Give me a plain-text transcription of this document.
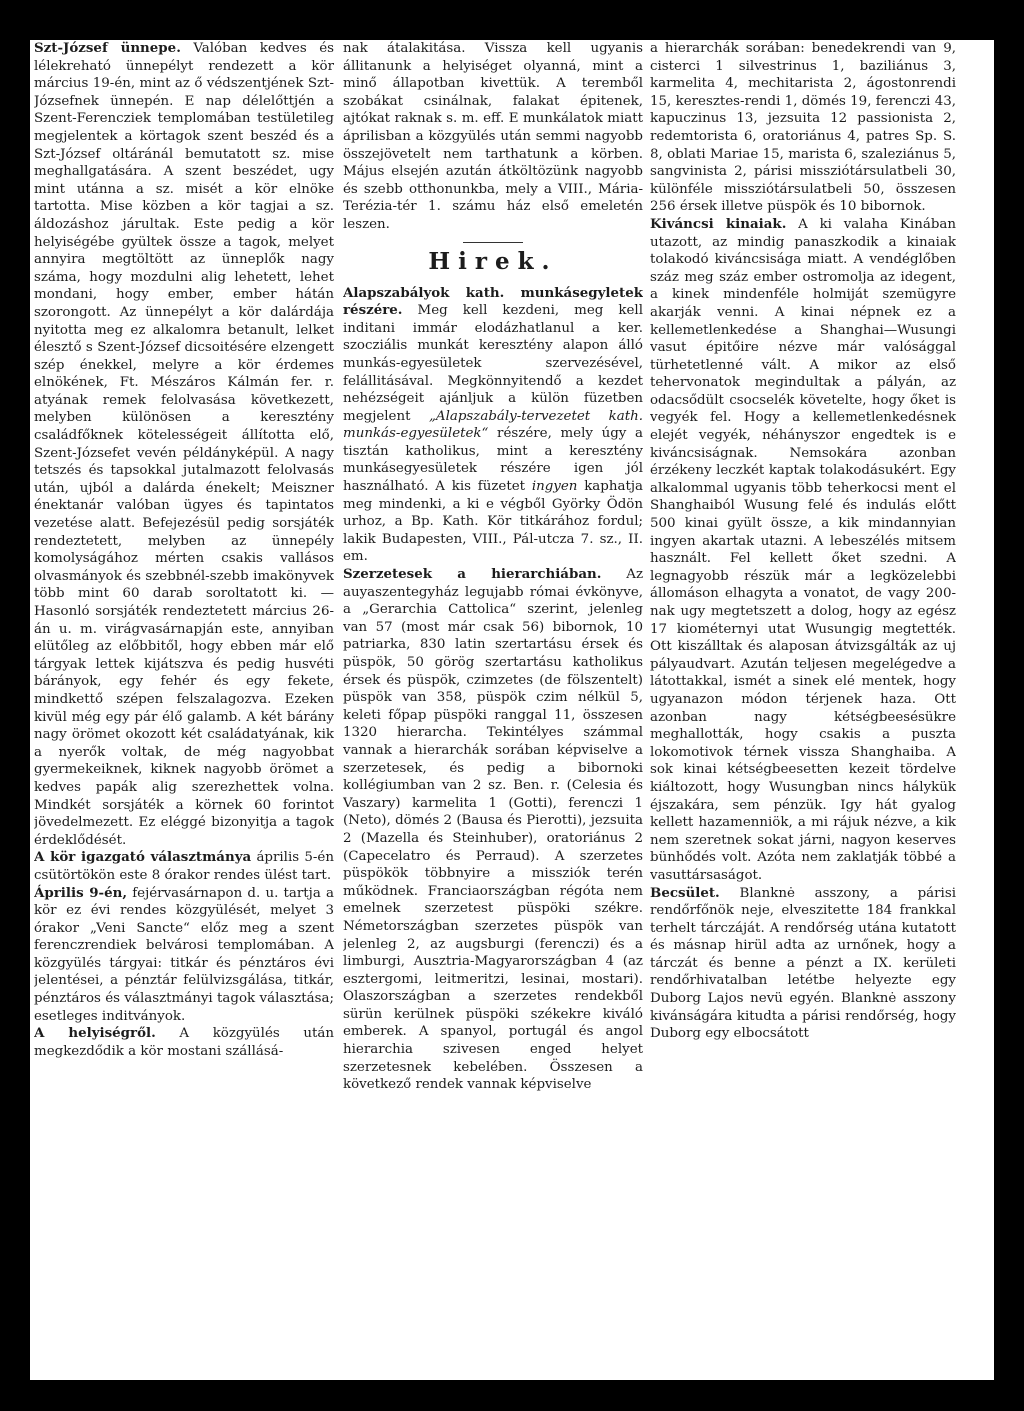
Szt-József ünnepe. Valóban kedves és lélekreható ünnepélyt rendezett a kör március 19-én, mint az ő védszentjének Szt-Józsefnek ünnepén. E nap délelőttjén a Szent-Ferencziek templomában testületileg megjelentek a körtagok szent beszéd és a Szt-József oltáránál bemutatott sz. mise meghallgatására. A szent beszédet, ugy mint utánna a sz. misét a kör elnöke tartotta. Mise közben a kör tagjai a sz. áldozáshoz járultak. Este pedig a kör helyiségébe gyültek össze a tagok, melyet annyira megtöltött az ünneplők nagy száma, hogy mozdulni alig lehetett, lehet mondani, hogy ember, ember hátán szorongott. Az ünnepélyt a kör dalárdája nyitotta meg ez alkalomra betanult, lelket élesztő s Szent-József dicsoitésére elzengett szép énekkel, melyre a kör érdemes elnökének, Ft. Mészáros Kálmán fer. r. atyának remek felolvasása következett, melyben különösen a keresztény családfőknek kötelességeit állította elő, Szent-Józsefet vevén példányképül. A nagy tetszés és tapsokkal jutalmazott felolvasás után, ujból a dalárda énekelt; Meiszner énektanár valóban ügyes és tapintatos vezetése alatt. Befejezésül pedig sorsjáték rendeztetett, melyben az ünnepély komolyságához mérten csakis vallásos olvasmányok és szebbnél-szebb imakönyvek több mint 60 darab soroltatott ki. — Hasonló sorsjáték rendeztetett március 26-án u. m. virágvasárnapján este, annyiban elütőleg az előbbitől, hogy ebben már elő tárgyak lettek kijátszva és pedig husvéti bárányok, egy fehér és egy fekete, mindkettő szépen felszalagozva. Ezeken kivül még egy pár élő galamb. A két bárány nagy örömet okozott két családatyának, kik a nyerők voltak, de még nagyobbat gyermekeiknek, kiknek nagyobb örömet a kedves papák alig szerezhettek volna. Mindkét sorsjáték a körnek 60 forintot jövedelmezett. Ez eléggé bizonyitja a tagok érdeklődését.

A kör igazgató választmánya április 5-én csütörtökön este 8 órakor rendes ülést tart.

Április 9-én, fejérvasárnapon d. u. tartja a kör ez évi rendes közgyülését, melyet 3 órakor „Veni Sancte“ előz meg a szent ferenczrendiek belvárosi templomában. A közgyülés tárgyai: titkár és pénztáros évi jelentései, a pénztár felülvizsgálása, titkár, pénztáros és választmányi tagok választása; esetleges inditványok.

A helyiségről. A közgyülés után megkezdődik a kör mostani szállásá-

nak átalakitása. Vissza kell ugyanis állitanunk a helyiséget olyanná, mint a minő állapotban kivettük. A teremből szobákat csinálnak, falakat épitenek, ajtókat raknak s. m. eff. E munkálatok miatt áprilisban a közgyülés után semmi nagyobb összejövetelt nem tarthatunk a körben. Május elsején azután átköltözünk nagyobb és szebb otthonunkba, mely a VIII., Mária-Terézia-tér 1. számu ház első emeletén leszen.

Hirek.

Alapszabályok kath. munkásegyletek részére. Meg kell kezdeni, meg kell inditani immár elodázhatlanul a ker. szocziális munkát keresztény alapon álló munkás-egyesületek szervezésével, felállitásával. Megkönnyitendő a kezdet nehézségeit ajánljuk a külön füzetben megjelent „Alapszabály-tervezetet kath. munkás-egyesületek“ részére, mely úgy a tisztán katholikus, mint a keresztény munkásegyesületek részére igen jól használható. A kis füzetet ingyen kaphatja meg mindenki, a ki e végből Györky Ödön urhoz, a Bp. Kath. Kör titkárához fordul; lakik Budapesten, VIII., Pál-utcza 7. sz., II. em.

Szerzetesek a hierarchiában. Az auyaszentegyház legujabb római évkönyve, a „Gerarchia Cattolica“ szerint, jelenleg van 57 (most már csak 56) bibornok, 10 patriarka, 830 latin szertartásu érsek és püspök, 50 görög szertartásu katholikus érsek és püspök, czimzetes (de fölszentelt) püspök van 358, püspök czim nélkül 5, keleti főpap püspöki ranggal 11, összesen 1320 hierarcha. Tekintélyes számmal vannak a hierarchák sorában képviselve a szerzetesek, és pedig a bibornoki kollégiumban van 2 sz. Ben. r. (Celesia és Vaszary) karmelita 1 (Gotti), ferenczi 1 (Neto), dömés 2 (Bausa és Pierotti), jezsuita 2 (Mazella és Steinhuber), oratoriánus 2 (Capecelatro és Perraud). A szerzetes püspökök többnyire a missziók terén működnek. Franciaországban régóta nem emelnek szerzetest püspöki székre. Németországban szerzetes püspök van jelenleg 2, az augsburgi (ferenczi) és a limburgi, Ausztria-Magyarországban 4 (az esztergomi, leitmeritzi, lesinai, mostari). Olaszországban a szerzetes rendekből sürün kerülnek püspöki székekre kiváló emberek. A spanyol, portugál és angol hierarchia szivesen enged helyet szerzetesnek kebelében. Összesen a következő rendek vannak képviselve

a hierarchák sorában: benedekrendi van 9, cisterci 1 silvestrinus 1, baziliánus 3, karmelita 4, mechitarista 2, ágostonrendi 15, keresztes-rendi 1, dömés 19, ferenczi 43, kapuczinus 13, jezsuita 12 passionista 2, redemtorista 6, oratoriánus 4, patres Sp. S. 8, oblati Mariae 15, marista 6, szaleziánus 5, sangvinista 2, párisi missziótársulatbeli 30, különféle missziótársulatbeli 50, összesen 256 érsek illetve püspök és 10 bibornok.

Kiváncsi kinaiak. A ki valaha Kinában utazott, az mindig panaszkodik a kinaiak tolakodó kiváncsisága miatt. A vendéglőben száz meg száz ember ostromolja az idegent, a kinek mindenféle holmiját szemügyre akarják venni. A kinai népnek ez a kellemetlenkedése a Shanghai—Wusungi vasut épitőire nézve már valósággal türhetetlenné vált. A mikor az első tehervonatok megindultak a pályán, az odacsődült csocselék követelte, hogy őket is vegyék fel. Hogy a kellemetlenkedésnek elejét vegyék, néhányszor engedtek is e kiváncsiságnak. Nemsokára azonban érzékeny leczkét kaptak tolakodásukért. Egy alkalommal ugyanis több teherkocsi ment el Shanghaiból Wusung felé és indulás előtt 500 kinai gyült össze, a kik mindannyian ingyen akartak utazni. A lebeszélés mitsem használt. Fel kellett őket szedni. A legnagyobb részük már a legközelebbi állomáson elhagyta a vonatot, de vagy 200-nak ugy megtetszett a dolog, hogy az egész 17 kiométernyi utat Wusungig megtették. Ott kiszálltak és alaposan átvizsgálták az uj pályaudvart. Azután teljesen megelégedve a látottakkal, ismét a sinek elé mentek, hogy ugyanazon módon térjenek haza. Ott azonban nagy kétségbeesésükre meghallották, hogy csakis a puszta lokomotivok térnek vissza Shanghaiba. A sok kinai kétségbeesetten kezeit tördelve kiáltozott, hogy Wusungban nincs hálykük éjszakára, sem pénzük. Igy hát gyalog kellett hazamenniök, a mi rájuk nézve, a kik nem szeretnek sokat járni, nagyon keserves bünhődés volt. Azóta nem zaklatják többé a vasuttársaságot.

Becsület. Blanknė asszony, a párisi rendőrfőnök neje, elveszitette 184 frankkal terhelt tárczáját. A rendőrség utána kutatott és másnap hirül adta az urnőnek, hogy a tárczát és benne a pénzt a IX. kerületi rendőrhivatalban letétbe helyezte egy Duborg Lajos nevü egyén. Blanknė asszony kivánságára kitudta a párisi rendőrség, hogy Duborg egy elbocsátott
